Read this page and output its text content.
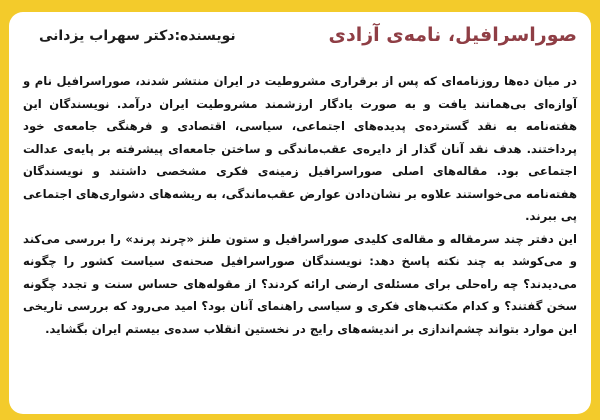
صوراسرافیل، نامه‌ی آزادی
نویسنده:دکتر سهراب یزدانی

در میان ده‌ها روزنامه‌ای که پس از برقراری مشروطیت در ایران منتشر شدند، صوراسرافیل نام و آوازه‌ای بی‌همانند یافت و به صورت یادگار ارزشمند مشروطیت ایران درآمد. نویسندگان این هفته‌نامه به نقد گسترده‌ی پدیده‌های اجتماعی، سیاسی، اقتصادی و فرهنگی جامعه‌ی خود پرداختند. هدف نقد آنان گذار از دایره‌ی عقب‌ماندگی و ساختن جامعه‌ای پیشرفته بر پایه‌ی عدالت اجتماعی بود. مقاله‌های اصلی صوراسرافیل زمینه‌ی فکری مشخصی داشتند و نویسندگان هفته‌نامه می‌خواستند علاوه بر نشان‌دادن عوارض عقب‌ماندگی، به ریشه‌های دشواری‌های اجتماعی پی ببرند.

این دفتر چند سرمقاله و مقاله‌ی کلیدی صوراسرافیل و ستون طنز «چرند پرند» را بررسی می‌کند و می‌کوشد به چند نکته پاسخ دهد: نویسندگان صوراسرافیل صحنه‌ی سیاست کشور را چگونه می‌دیدند؟ چه راه‌حلی برای مسئله‌ی ارضی ارائه کردند؟ از مقوله‌های حساس سنت و تجدد چگونه سخن گفتند؟ و کدام مکتب‌های فکری و سیاسی راهنمای آنان بود؟ امید می‌رود که بررسی تاریخی این موارد بتواند چشم‌اندازی بر اندیشه‌های رایج در نخستین انقلاب سده‌ی بیستم ایران بگشاید.
